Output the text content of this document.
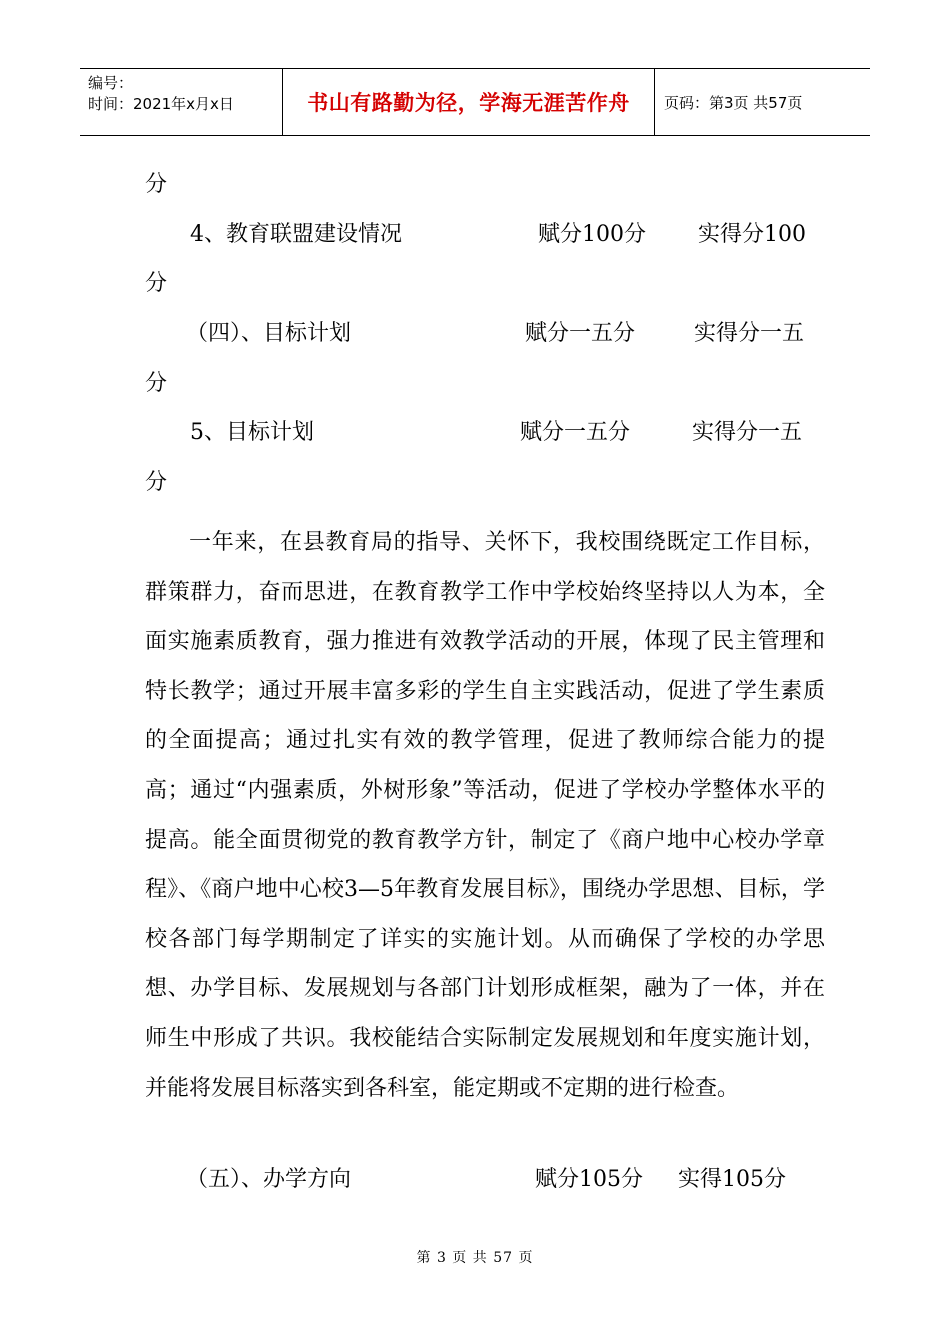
编号：
时间：2021年x月x日	书山有路勤为径，学海无涯苦作舟	页码：第3页 共57页
分
4、教育联盟建设情况	赋分100分 实得分100
分
（四）、目标计划	赋分一五分	实得分一五
分
5、目标计划	赋分一五分	实得分一五
分

一年来，在县教育局的指导、关怀下，我校围绕既定工作目标，群策群力，奋而思进，在教育教学工作中学校始终坚持以人为本，全面实施素质教育，强力推进有效教学活动的开展，体现了民主管理和特长教学；通过开展丰富多彩的学生自主实践活动，促进了学生素质的全面提高；通过扎实有效的教学管理，促进了教师综合能力的提高；通过“内强素质，外树形象”等活动，促进了学校办学整体水平的提高。能全面贯彻党的教育教学方针，制定了《商户地中心校办学章程》、《商户地中心校3—5年教育发展目标》，围绕办学思想、目标，学校各部门每学期制定了详实的实施计划。从而确保了学校的办学思想、办学目标、发展规划与各部门计划形成框架，融为了一体，并在师生中形成了共识。我校能结合实际制定发展规划和年度实施计划，并能将发展目标落实到各科室，能定期或不定期的进行检查。

（五）、办学方向	赋分105分 实得105分
第 3 页 共 57 页
